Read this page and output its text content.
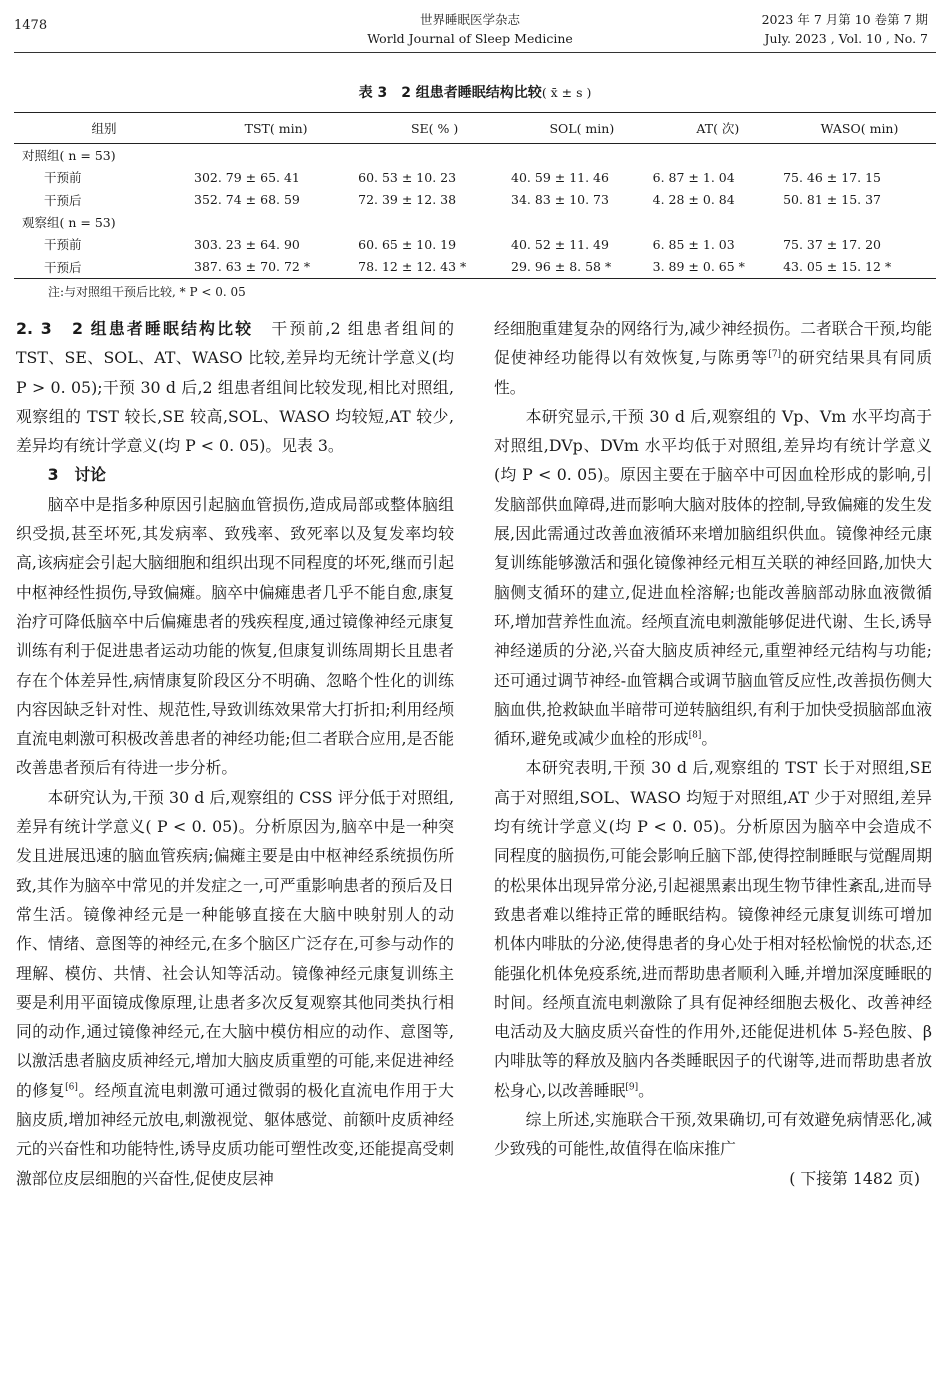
1478	世界睡眠医学杂志
World Journal of Sleep Medicine
2023 年 7 月第 10 卷第 7 期
July. 2023 , Vol. 10 , No. 7
表 3　2 组患者睡眠结构比较( x̄ ± s )
组别	TST( min)	SE( % )	SOL( min)	AT( 次)	WASO( min)
对照组( n = 53)					
干预前	302. 79 ± 65. 41	60. 53 ± 10. 23	40. 59 ± 11. 46	6. 87 ± 1. 04	75. 46 ± 17. 15
干预后	352. 74 ± 68. 59	72. 39 ± 12. 38	34. 83 ± 10. 73	4. 28 ± 0. 84	50. 81 ± 15. 37
观察组( n = 53)					
干预前	303. 23 ± 64. 90	60. 65 ± 10. 19	40. 52 ± 11. 49	6. 85 ± 1. 03	75. 37 ± 17. 20
干预后	387. 63 ± 70. 72 *	78. 12 ± 12. 43 *	29. 96 ± 8. 58 *	3. 89 ± 0. 65 *	43. 05 ± 15. 12 *
注:与对照组干预后比较, * P < 0. 05

2. 3　2 组患者睡眠结构比较　 干预前,2 组患者组间的 TST、SE、SOL、AT、WASO 比较,差异均无统计学意义(均 P > 0. 05);干预 30 d 后,2 组患者组间比较发现,相比对照组,观察组的 TST 较长,SE 较高,SOL、WASO 均较短,AT 较少,差异均有统计学意义(均 P < 0. 05)。见表 3。

3　讨论

脑卒中是指多种原因引起脑血管损伤,造成局部或整体脑组织受损,甚至坏死,其发病率、致残率、致死率以及复发率均较高,该病症会引起大脑细胞和组织出现不同程度的坏死,继而引起中枢神经性损伤,导致偏瘫。脑卒中偏瘫患者几乎不能自愈,康复治疗可降低脑卒中后偏瘫患者的残疾程度,通过镜像神经元康复训练有利于促进患者运动功能的恢复,但康复训练周期长且患者存在个体差异性,病情康复阶段区分不明确、忽略个性化的训练内容因缺乏针对性、规范性,导致训练效果常大打折扣;利用经颅直流电刺激可积极改善患者的神经功能;但二者联合应用,是否能改善患者预后有待进一步分析。

本研究认为,干预 30 d 后,观察组的 CSS 评分低于对照组,差异有统计学意义( P < 0. 05)。分析原因为,脑卒中是一种突发且进展迅速的脑血管疾病;偏瘫主要是由中枢神经系统损伤所致,其作为脑卒中常见的并发症之一,可严重影响患者的预后及日常生活。镜像神经元是一种能够直接在大脑中映射别人的动作、情绪、意图等的神经元,在多个脑区广泛存在,可参与动作的理解、模仿、共情、社会认知等活动。镜像神经元康复训练主要是利用平面镜成像原理,让患者多次反复观察其他同类执行相同的动作,通过镜像神经元,在大脑中模仿相应的动作、意图等,以激活患者脑皮质神经元,增加大脑皮质重塑的可能,来促进神经的修复[6]。经颅直流电刺激可通过微弱的极化直流电作用于大脑皮质,增加神经元放电,刺激视觉、躯体感觉、前额叶皮质神经元的兴奋性和功能特性,诱导皮质功能可塑性改变,还能提高受刺激部位皮层细胞的兴奋性,促使皮层神

经细胞重建复杂的网络行为,减少神经损伤。二者联合干预,均能促使神经功能得以有效恢复,与陈勇等[7]的研究结果具有同质性。

本研究显示,干预 30 d 后,观察组的 Vp、Vm 水平均高于对照组,DVp、DVm 水平均低于对照组,差异均有统计学意义(均 P < 0. 05)。原因主要在于脑卒中可因血栓形成的影响,引发脑部供血障碍,进而影响大脑对肢体的控制,导致偏瘫的发生发展,因此需通过改善血液循环来增加脑组织供血。镜像神经元康复训练能够激活和强化镜像神经元相互关联的神经回路,加快大脑侧支循环的建立,促进血栓溶解;也能改善脑部动脉血液微循环,增加营养性血流。经颅直流电刺激能够促进代谢、生长,诱导神经递质的分泌,兴奋大脑皮质神经元,重塑神经元结构与功能;还可通过调节神经-血管耦合或调节脑血管反应性,改善损伤侧大脑血供,抢救缺血半暗带可逆转脑组织,有利于加快受损脑部血液循环,避免或减少血栓的形成[8]。

本研究表明,干预 30 d 后,观察组的 TST 长于对照组,SE 高于对照组,SOL、WASO 均短于对照组,AT 少于对照组,差异均有统计学意义(均 P < 0. 05)。分析原因为脑卒中会造成不同程度的脑损伤,可能会影响丘脑下部,使得控制睡眠与觉醒周期的松果体出现异常分泌,引起褪黑素出现生物节律性紊乱,进而导致患者难以维持正常的睡眠结构。镜像神经元康复训练可增加机体内啡肽的分泌,使得患者的身心处于相对轻松愉悦的状态,还能强化机体免疫系统,进而帮助患者顺利入睡,并增加深度睡眠的时间。经颅直流电刺激除了具有促神经细胞去极化、改善神经电活动及大脑皮质兴奋性的作用外,还能促进机体 5-羟色胺、β 内啡肽等的释放及脑内各类睡眠因子的代谢等,进而帮助患者放松身心,以改善睡眠[9]。

综上所述,实施联合干预,效果确切,可有效避免病情恶化,减少致残的可能性,故值得在临床推广

( 下接第 1482 页)
